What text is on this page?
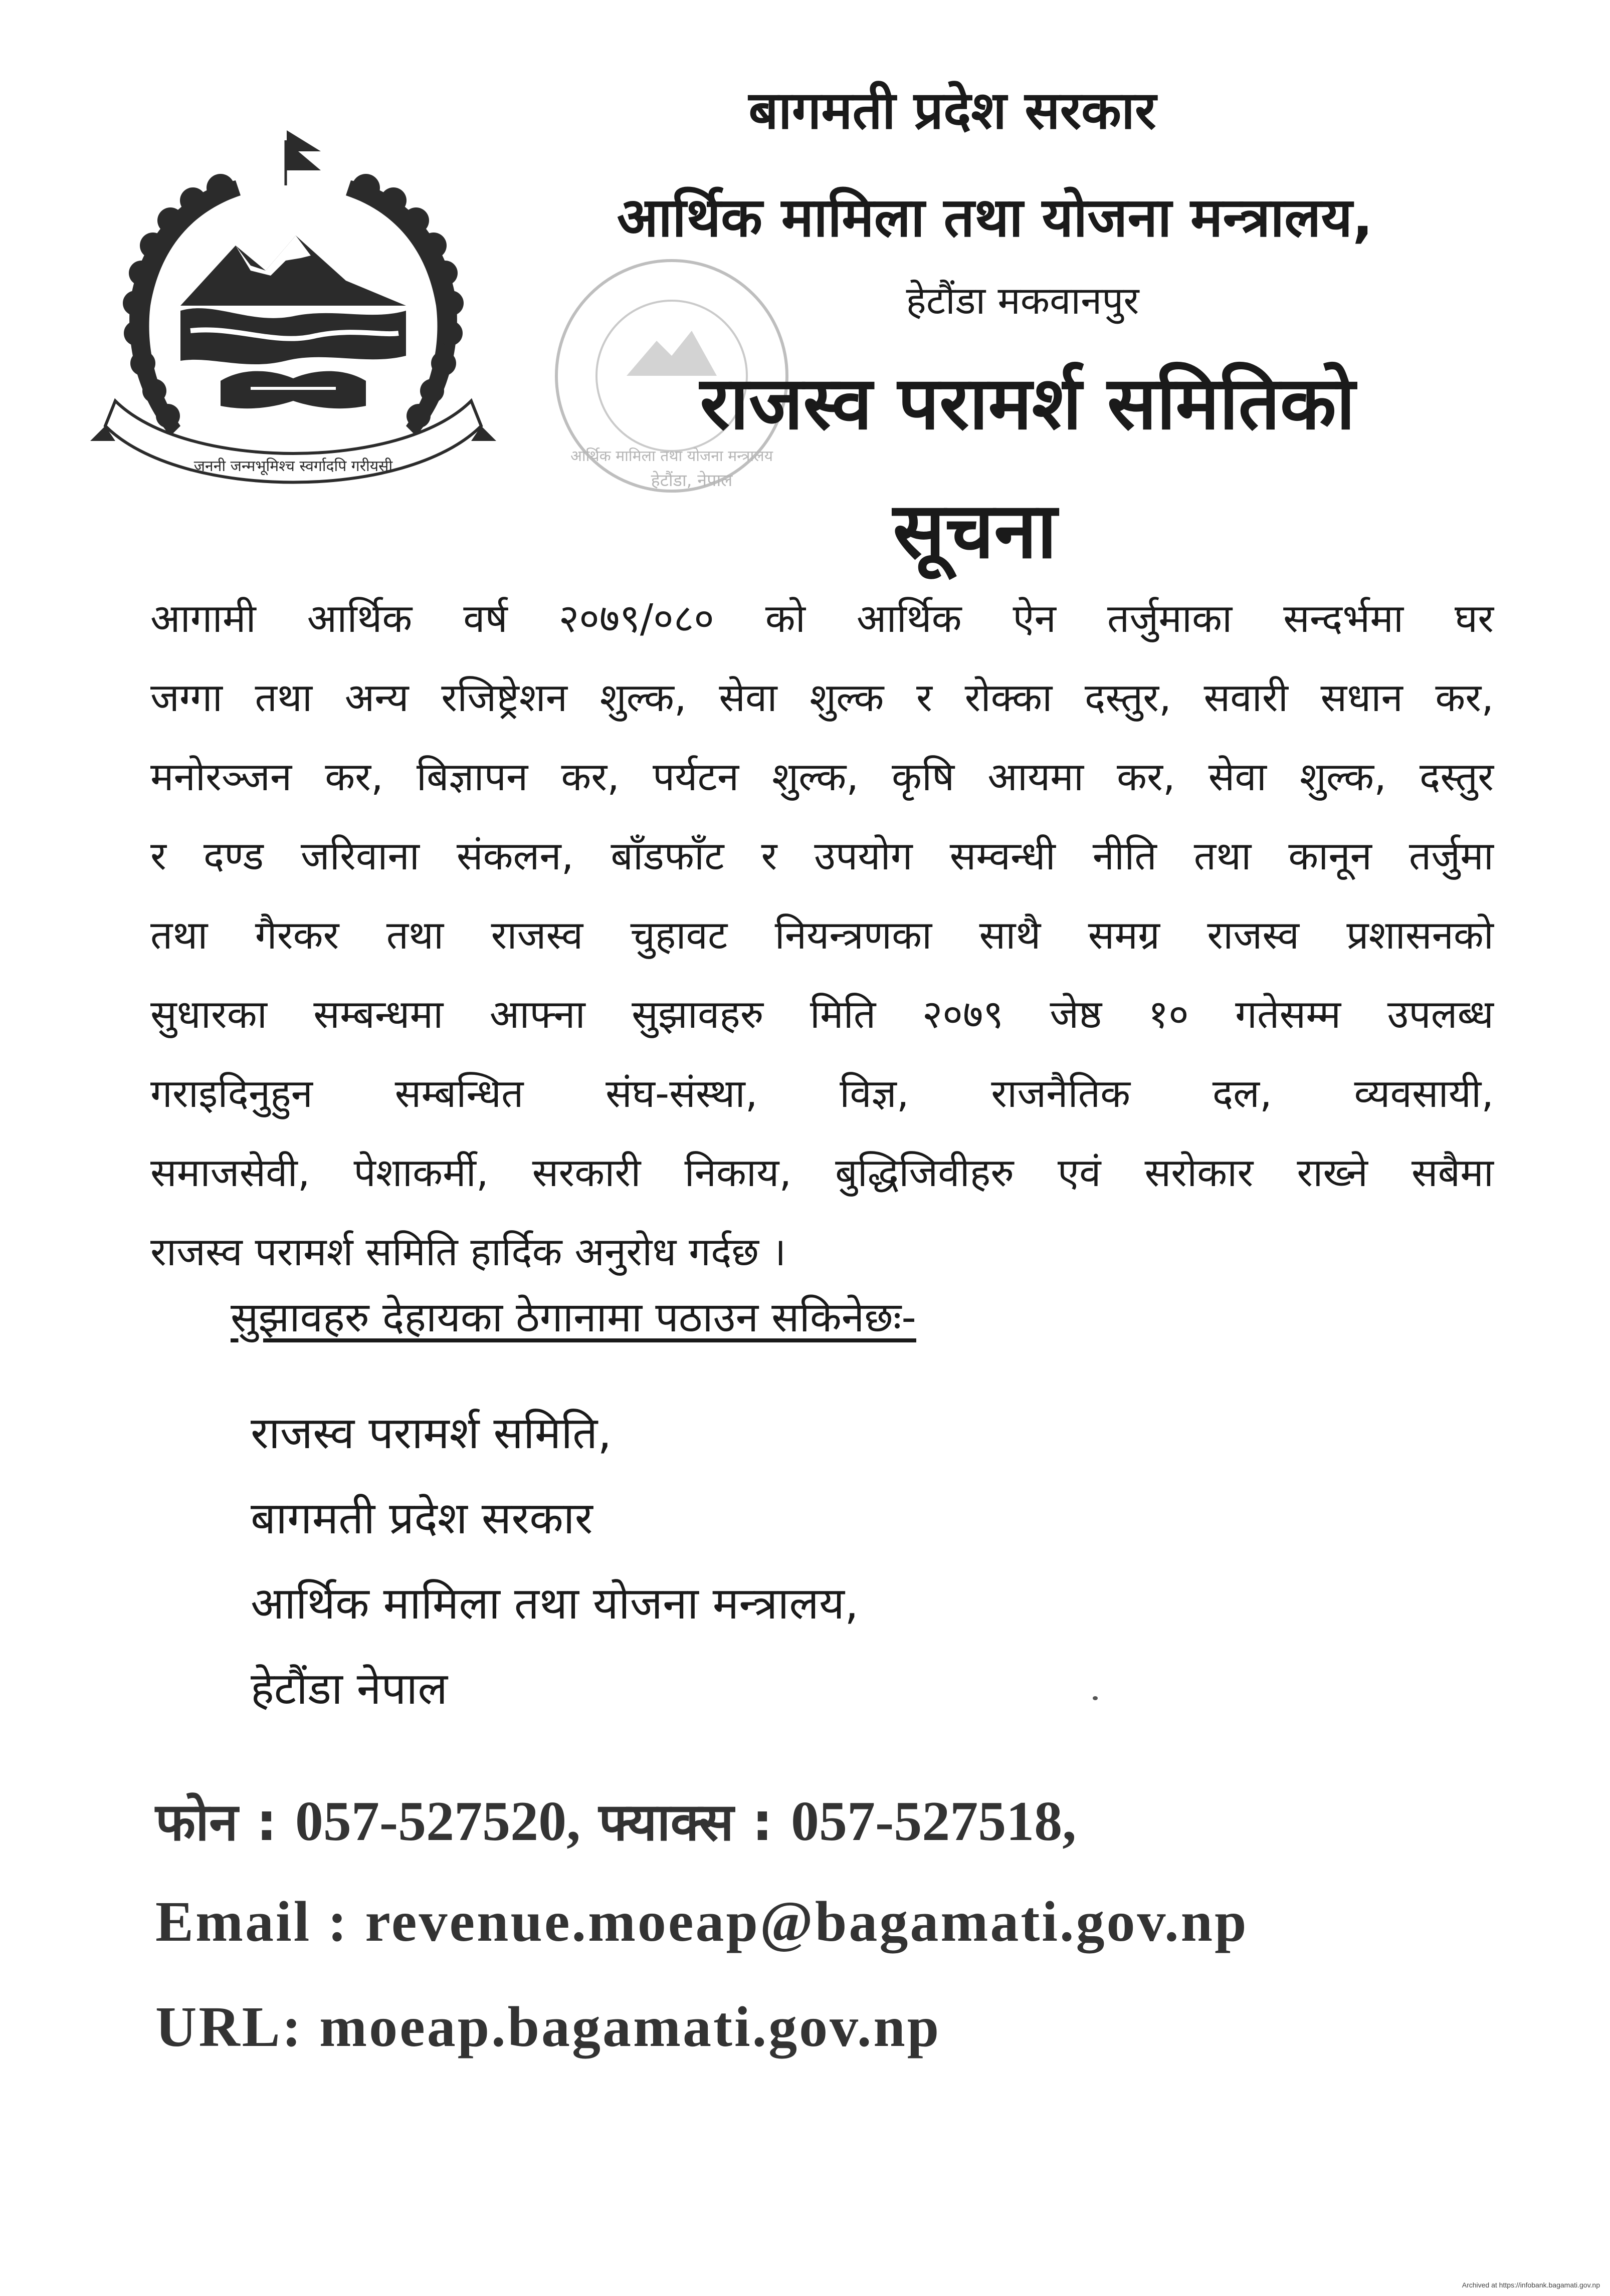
जननी जन्मभूमिश्च स्वर्गादपि गरीयसी
आर्थिक मामिला तथा योजना मन्त्रालय
हेटौंडा, नेपाल
बागमती प्रदेश सरकार
आर्थिक मामिला तथा योजना मन्त्रालय,
हेटौंडा मकवानपुर
राजस्व परामर्श समितिको
सूचना
आगामी आर्थिक वर्ष २०७९/०८० को आर्थिक ऐन तर्जुमाका सन्दर्भमा घर
जग्गा तथा अन्य रजिष्ट्रेशन शुल्क, सेवा शुल्क र रोक्का दस्तुर, सवारी सधान कर,
मनोरञ्जन कर, बिज्ञापन कर, पर्यटन शुल्क, कृषि आयमा कर, सेवा शुल्क, दस्तुर
र दण्ड जरिवाना संकलन, बाँडफाँट र उपयोग सम्वन्धी नीति तथा कानून तर्जुमा
तथा गैरकर तथा राजस्व चुहावट नियन्त्रणका साथै समग्र राजस्व प्रशासनको
सुधारका सम्बन्धमा आफ्ना सुझावहरु मिति २०७९ जेष्ठ १० गतेसम्म उपलब्ध
गराइदिनुहुन सम्बन्धित संघ-संस्था, विज्ञ, राजनैतिक दल, व्यवसायी,
समाजसेवी, पेशाकर्मी, सरकारी निकाय, बुद्धिजिवीहरु एवं सरोकार राख्ने सबैमा
राजस्व परामर्श समिति हार्दिक अनुरोध गर्दछ ।
सुझावहरु देहायका ठेगानामा पठाउन सकिनेछः-
राजस्व परामर्श समिति,
बागमती प्रदेश सरकार
आर्थिक मामिला तथा योजना मन्त्रालय,
हेटौंडा नेपाल
फोन : 057-527520, फ्याक्स : 057-527518,
Email : revenue.moeap@bagamati.gov.np
URL: moeap.bagamati.gov.np
Archived at https://infobank.bagamati.gov.np
